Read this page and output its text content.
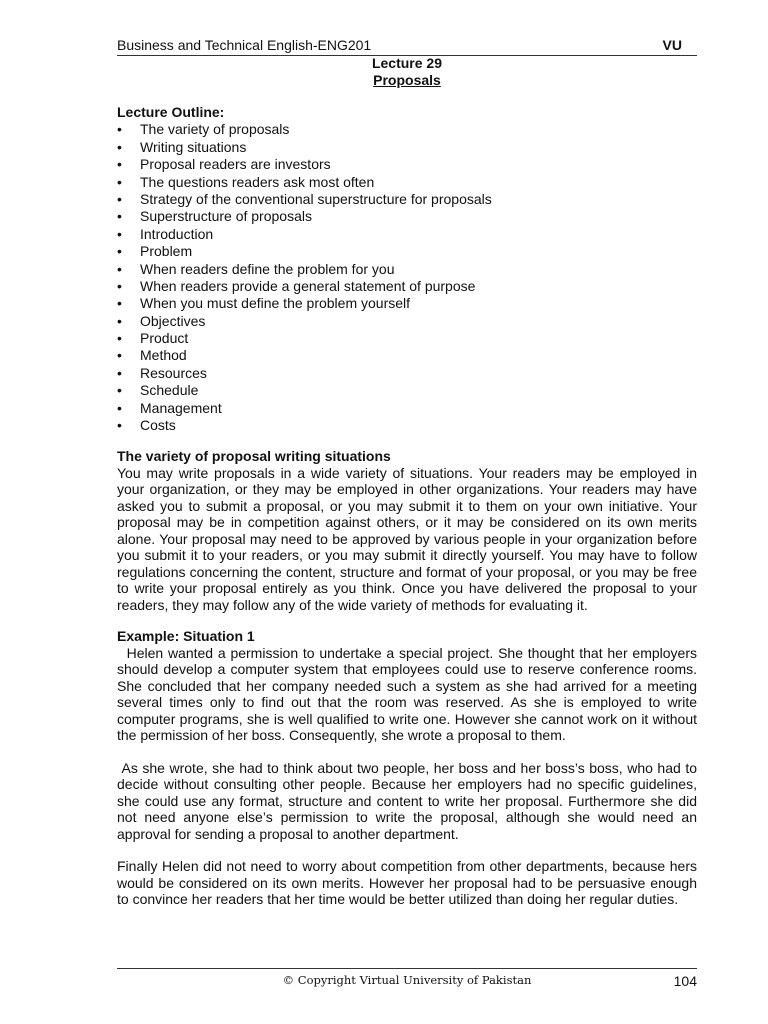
Business and Technical English-ENG201	VU
Lecture 29
Proposals
Lecture Outline:
• The variety of proposals
• Writing situations
• Proposal readers are investors
• The questions readers ask most often
• Strategy of the conventional superstructure for proposals
• Superstructure of proposals
• Introduction
• Problem
• When readers define the problem for you
• When readers provide a general statement of purpose
• When you must define the problem yourself
• Objectives
• Product
• Method
• Resources
• Schedule
• Management
• Costs
The variety of proposal writing situations

You may write proposals in a wide variety of situations. Your readers may be employed in your organization, or they may be employed in other organizations. Your readers may have asked you to submit a proposal, or you may submit it to them on your own initiative. Your proposal may be in competition against others, or it may be considered on its own merits alone. Your proposal may need to be approved by various people in your organization before you submit it to your readers, or you may submit it directly yourself. You may have to follow regulations concerning the content, structure and format of your proposal, or you may be free to write your proposal entirely as you think. Once you have delivered the proposal to your readers, they may follow any of the wide variety of methods for evaluating it.

Example: Situation 1

Helen wanted a permission to undertake a special project. She thought that her employers should develop a computer system that employees could use to reserve conference rooms. She concluded that her company needed such a system as she had arrived for a meeting several times only to find out that the room was reserved. As she is employed to write computer programs, she is well qualified to write one. However she cannot work on it without the permission of her boss. Consequently, she wrote a proposal to them.

As she wrote, she had to think about two people, her boss and her boss’s boss, who had to decide without consulting other people. Because her employers had no specific guidelines, she could use any format, structure and content to write her proposal. Furthermore she did not need anyone else’s permission to write the proposal, although she would need an approval for sending a proposal to another department.

Finally Helen did not need to worry about competition from other departments, because hers would be considered on its own merits. However her proposal had to be persuasive enough to convince her readers that her time would be better utilized than doing her regular duties.

© Copyright Virtual University of Pakistan	104
